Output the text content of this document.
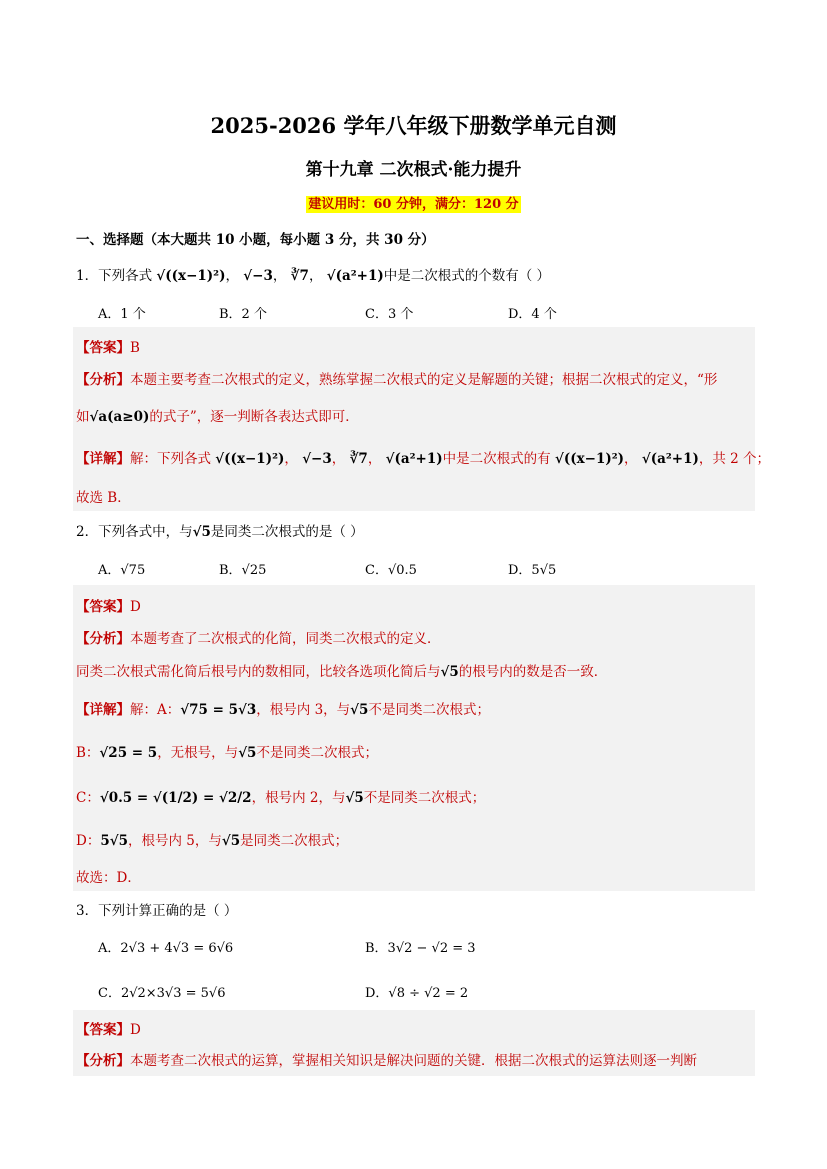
2025-2026 学年八年级下册数学单元自测
第十九章 二次根式·能力提升
建议用时：60 分钟，满分：120 分
一、选择题（本大题共 10 小题，每小题 3 分，共 30 分）
1．下列各式 √((x−1)²)， √−3， ∛7， √(a²+1)中是二次根式的个数有（ ）
A．1 个	B．2 个	C．3 个	D．4 个
【答案】B
【分析】本题主要考查二次根式的定义，熟练掌握二次根式的定义是解题的关键；根据二次根式的定义，“形
如√a(a≥0)的式子”，逐一判断各表达式即可．
【详解】解：下列各式 √((x−1)²)， √−3， ∛7， √(a²+1)中是二次根式的有 √((x−1)²)， √(a²+1)，共 2 个；
故选 B．
2．下列各式中，与√5是同类二次根式的是（ ）
A．√75	B．√25	C．√0.5	D．5√5
【答案】D
【分析】本题考查了二次根式的化简，同类二次根式的定义．
同类二次根式需化简后根号内的数相同，比较各选项化简后与√5的根号内的数是否一致．
【详解】解：A：√75 = 5√3，根号内 3，与√5不是同类二次根式；
B：√25 = 5，无根号，与√5不是同类二次根式；
C：√0.5 = √(1/2) = √2/2，根号内 2，与√5不是同类二次根式；
D：5√5，根号内 5，与√5是同类二次根式；
故选：D．
3．下列计算正确的是（ ）
A．2√3 + 4√3 = 6√6	B．3√2 − √2 = 3
C．2√2×3√3 = 5√6	D．√8 ÷ √2 = 2
【答案】D
【分析】本题考查二次根式的运算，掌握相关知识是解决问题的关键．根据二次根式的运算法则逐一判断
